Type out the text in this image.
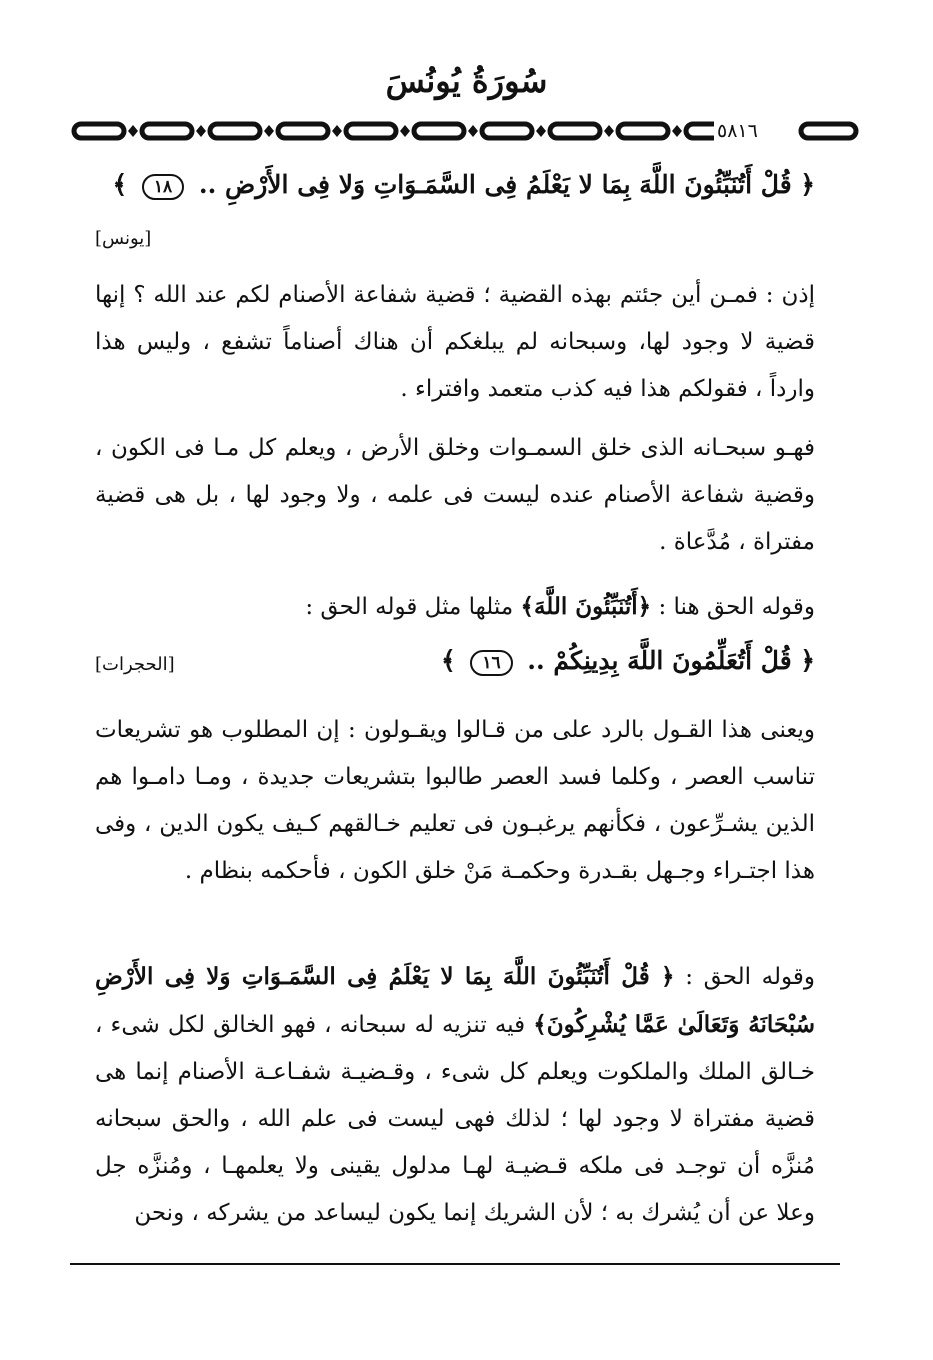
سُورَةُ يُونُسَ
٥٨١٦
﴿ قُلْ أَتُنَبِّئُونَ اللَّهَ بِمَا لا يَعْلَمُ فِى السَّمَـوَاتِ وَلا فِى الأَرْضِ .. ١٨ ﴾
[يونس]
إذن : فمـن أين جئتم بهذه القضية ؛ قضية شفاعة الأصنام لكم عند الله ؟ إنها قضية لا وجود لها، وسبحانه لم يبلغكم أن هناك أصناماً تشفع ، وليس هذا وارداً ، فقولكم هذا فيه كذب متعمد وافتراء .
فهـو سبحـانه الذى خلق السمـوات وخلق الأرض ، ويعلم كل مـا فى الكون ، وقضية شفاعة الأصنام عنده ليست فى علمه ، ولا وجود لها ، بل هى قضية مفتراة ، مُدَّعاة .
وقوله الحق هنا : ﴿أَتُنَبِّئُونَ اللَّهَ﴾ مثلها مثل قوله الحق :
﴿ قُلْ أَتُعَلِّمُونَ اللَّهَ بِدِينِكُمْ .. ١٦ ﴾
[الحجرات]
ويعنى هذا القـول بالرد على من قـالوا ويقـولون : إن المطلوب هو تشريعات تناسب العصر ، وكلما فسد العصر طالبوا بتشريعات جديدة ، ومـا دامـوا هم الذين يشـرِّعون ، فكأنهم يرغبـون فى تعليم خـالقهم كـيف يكون الدين ، وفى هذا اجتـراء وجـهل بقـدرة وحكمـة مَنْ خلق الكون ، فأحكمه بنظام .
وقوله الحق : ﴿ قُلْ أَتُنَبِّئُونَ اللَّهَ بِمَا لا يَعْلَمُ فِى السَّمَـوَاتِ وَلا فِى الأَرْضِ سُبْحَانَهُ وَتَعَالَىٰ عَمَّا يُشْرِكُونَ﴾ فيه تنزيه له سبحانه ، فهو الخالق لكل شىء ، خـالق الملك والملكوت ويعلم كل شىء ، وقـضيـة شفـاعـة الأصنام إنما هى قضية مفتراة لا وجود لها ؛ لذلك فهى ليست فى علم الله ، والحق سبحانه مُنزَّه أن توجـد فى ملكه قـضيـة لهـا مدلول يقينى ولا يعلمهـا ، ومُنزَّه جل وعلا عن أن يُشرك به ؛ لأن الشريك إنما يكون ليساعد من يشركه ، ونحن
